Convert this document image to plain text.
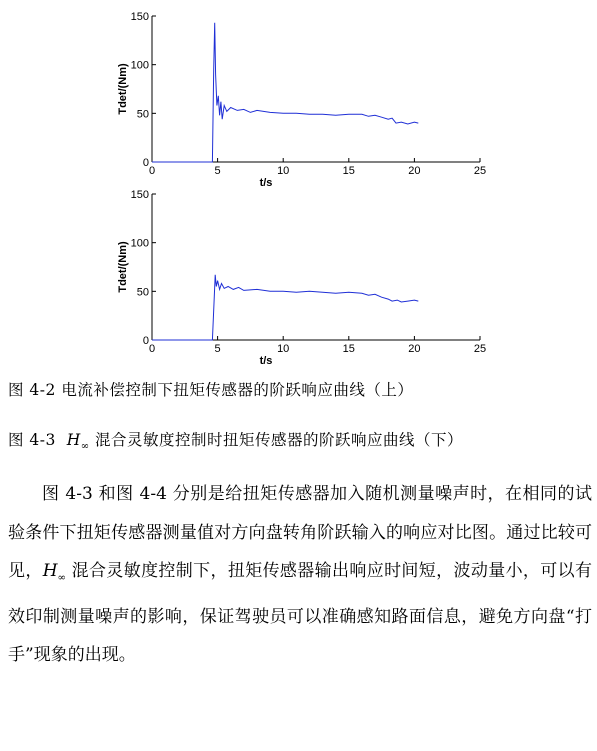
0	5	10	15	20	25
0
50
100
150
t/s
Tdet/(Nm)
0	5	10	15	20	25
0
50
100
150
t/s
Tdet/(Nm)
图 4-2 电流补偿控制下扭矩传感器的阶跃响应曲线（上）
图 4-3  $H_\infty$ 混合灵敏度控制时扭矩传感器的阶跃响应曲线（下）

图 4-3 和图 4-4 分别是给扭矩传感器加入随机测量噪声时，在相同的试验条件下扭矩传感器测量值对方向盘转角阶跃输入的响应对比图。通过比较可见，$H_\infty$ 混合灵敏度控制下，扭矩传感器输出响应时间短，波动量小，可以有效印制测量噪声的影响，保证驾驶员可以准确感知路面信息，避免方向盘“打手”现象的出现。
